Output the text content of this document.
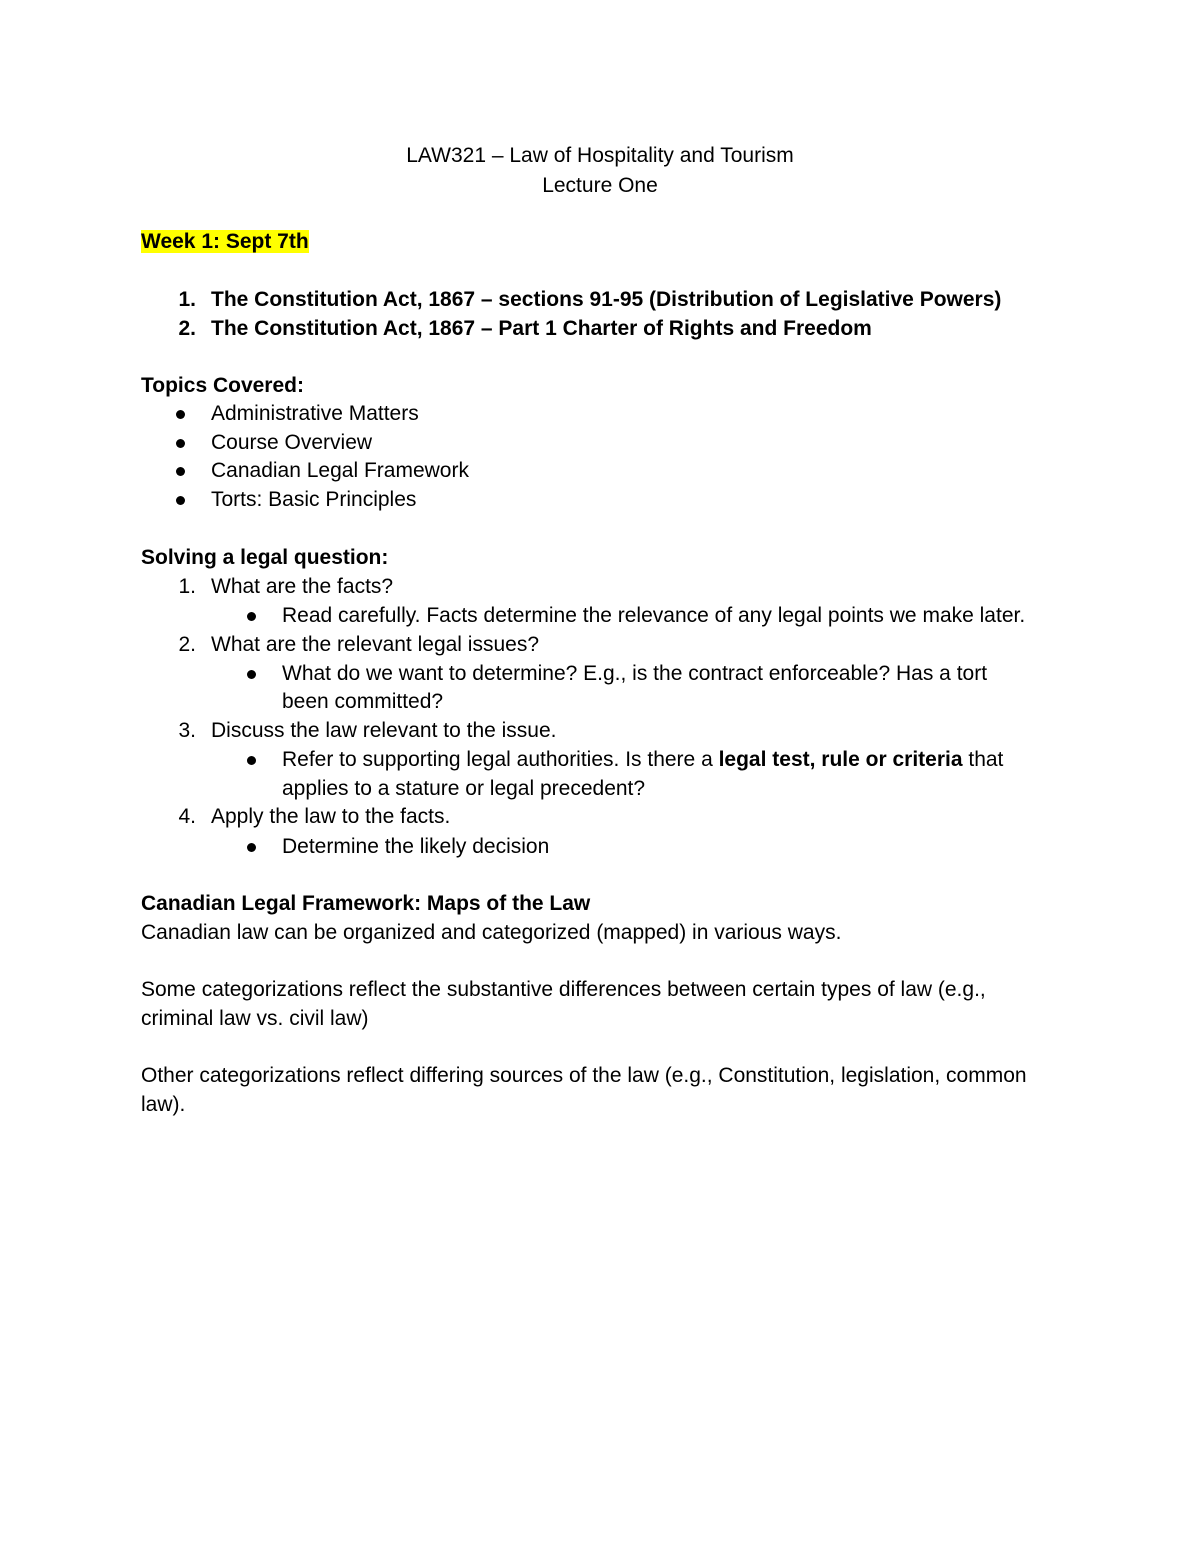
LAW321 – Law of Hospitality and Tourism
Lecture One
Week 1: Sept 7th
1. The Constitution Act, 1867 – sections 91-95 (Distribution of Legislative Powers)
2. The Constitution Act, 1867 – Part 1 Charter of Rights and Freedom
Topics Covered:
Administrative Matters
Course Overview
Canadian Legal Framework
Torts: Basic Principles
Solving a legal question:
1. What are the facts?
Read carefully. Facts determine the relevance of any legal points we make later.
2. What are the relevant legal issues?
What do we want to determine? E.g., is the contract enforceable? Has a tort
been committed?
3. Discuss the law relevant to the issue.
Refer to supporting legal authorities. Is there a legal test, rule or criteria that
applies to a stature or legal precedent?
4. Apply the law to the facts.
Determine the likely decision
Canadian Legal Framework: Maps of the Law
Canadian law can be organized and categorized (mapped) in various ways.
Some categorizations reflect the substantive differences between certain types of law (e.g.,
criminal law vs. civil law)
Other categorizations reflect differing sources of the law (e.g., Constitution, legislation, common
law).
